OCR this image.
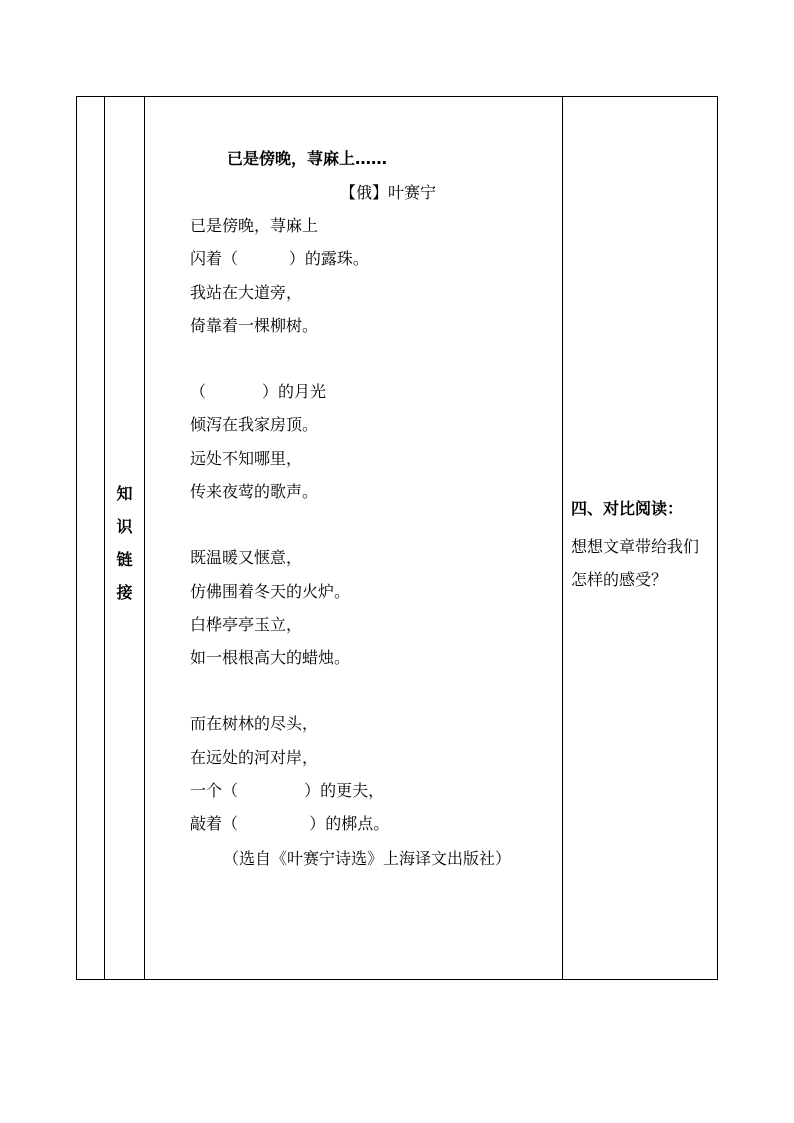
知
识
链
接
已是傍晚，荨麻上……
【俄】叶赛宁
已是傍晚，荨麻上
闪着（          ）的露珠。
我站在大道旁，
倚靠着一棵柳树。
（           ）的月光
倾泻在我家房顶。
远处不知哪里，
传来夜莺的歌声。
既温暖又惬意，
仿佛围着冬天的火炉。
白桦亭亭玉立，
如一根根高大的蜡烛。
而在树林的尽头，
在远处的河对岸，
一个（             ）的更夫，
敲着（              ）的梆点。
（选自《叶赛宁诗选》上海译文出版社）
四、对比阅读：
想想文章带给我们怎样的感受？
